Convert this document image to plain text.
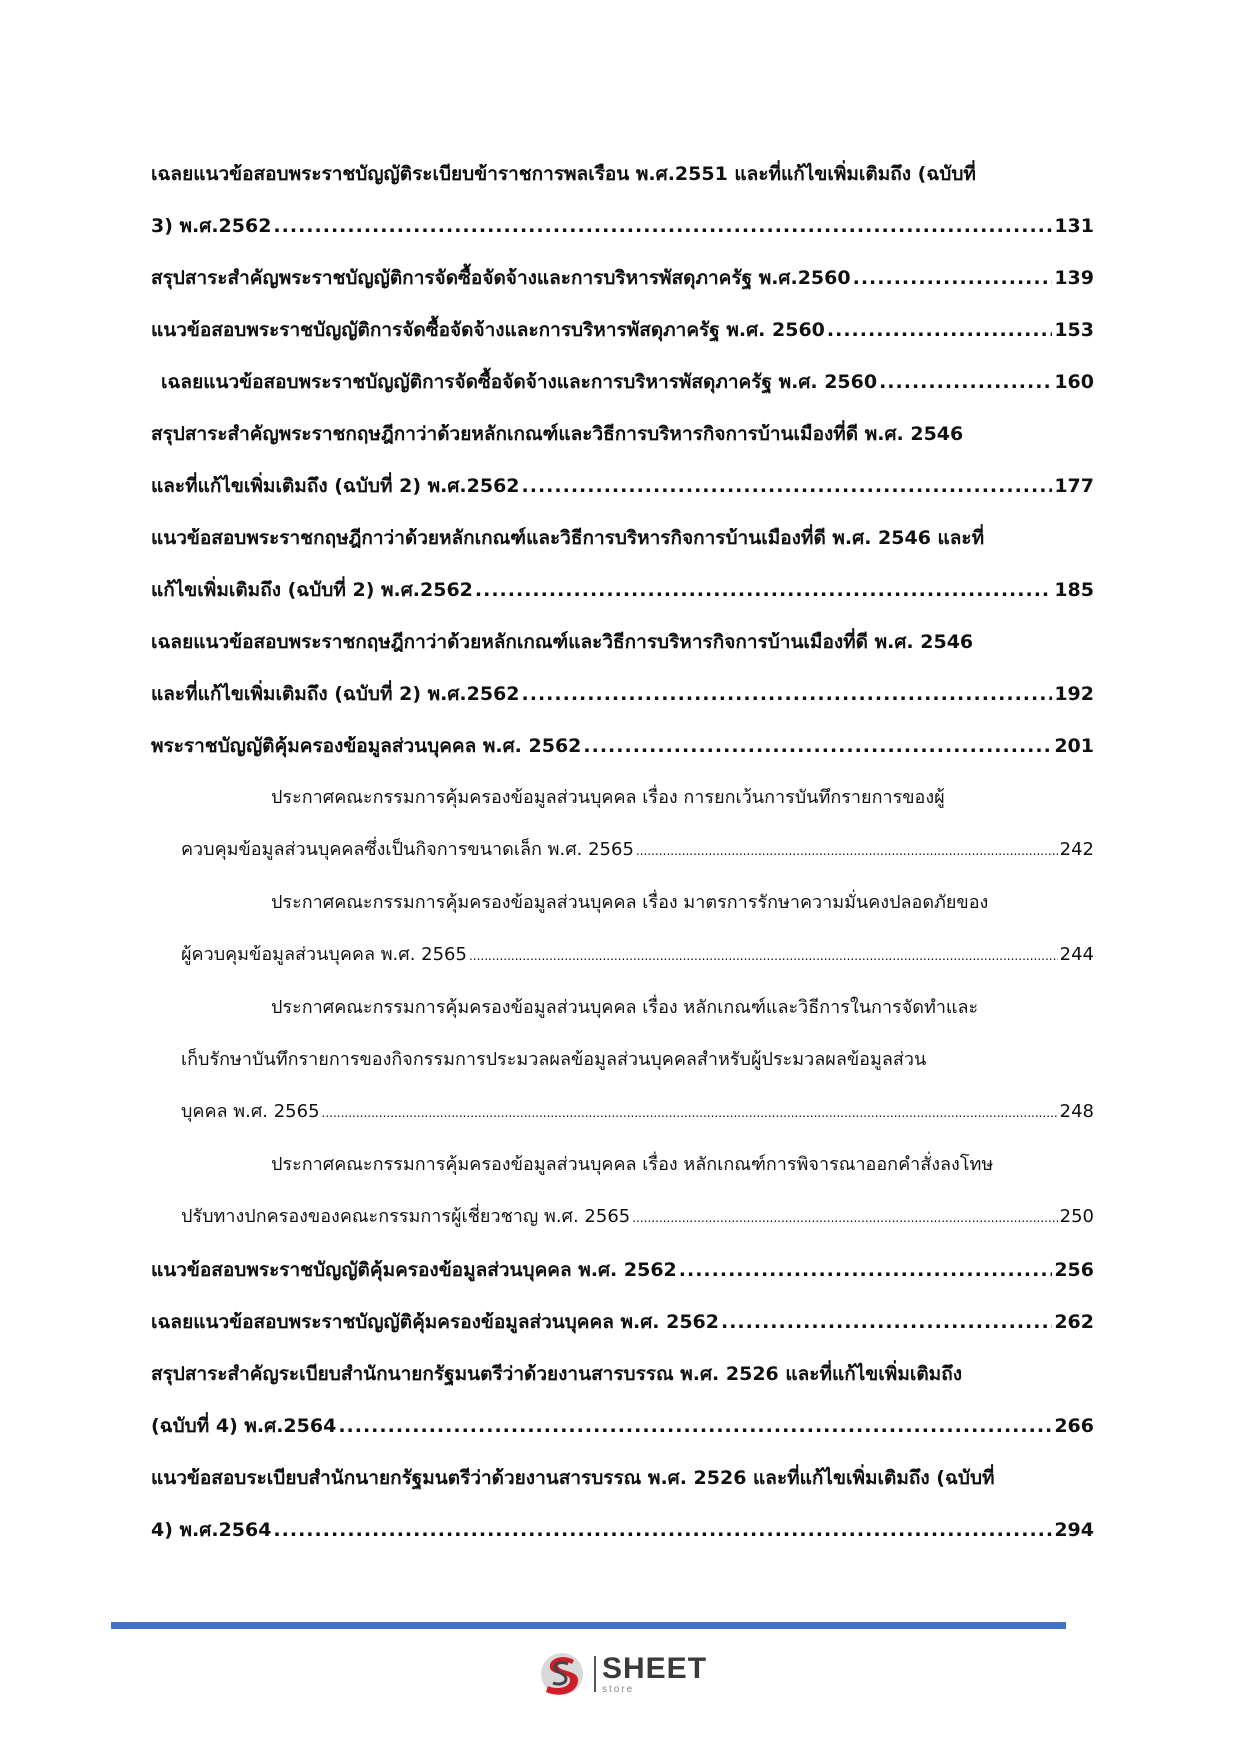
เฉลยแนวข้อสอบพระราชบัญญัติระเบียบข้าราชการพลเรือน พ.ศ.2551 และที่แก้ไขเพิ่มเติมถึง (ฉบับที่
3) พ.ศ.2562 .....	131
สรุปสาระสำคัญพระราชบัญญัติการจัดซื้อจัดจ้างและการบริหารพัสดุภาครัฐ พ.ศ.2560 .....	139
แนวข้อสอบพระราชบัญญัติการจัดซื้อจัดจ้างและการบริหารพัสดุภาครัฐ พ.ศ. 2560 .....	153
เฉลยแนวข้อสอบพระราชบัญญัติการจัดซื้อจัดจ้างและการบริหารพัสดุภาครัฐ พ.ศ. 2560 .....	160
สรุปสาระสำคัญพระราชกฤษฎีกาว่าด้วยหลักเกณฑ์และวิธีการบริหารกิจการบ้านเมืองที่ดี พ.ศ. 2546
และที่แก้ไขเพิ่มเติมถึง (ฉบับที่ 2) พ.ศ.2562 .....	177
แนวข้อสอบพระราชกฤษฎีกาว่าด้วยหลักเกณฑ์และวิธีการบริหารกิจการบ้านเมืองที่ดี พ.ศ. 2546 และที่
แก้ไขเพิ่มเติมถึง (ฉบับที่ 2) พ.ศ.2562 .....	185
เฉลยแนวข้อสอบพระราชกฤษฎีกาว่าด้วยหลักเกณฑ์และวิธีการบริหารกิจการบ้านเมืองที่ดี พ.ศ. 2546
และที่แก้ไขเพิ่มเติมถึง (ฉบับที่ 2) พ.ศ.2562 .....	192
พระราชบัญญัติคุ้มครองข้อมูลส่วนบุคคล พ.ศ. 2562 .....	201
ประกาศคณะกรรมการคุ้มครองข้อมูลส่วนบุคคล เรื่อง การยกเว้นการบันทึกรายการของผู้
ควบคุมข้อมูลส่วนบุคคลซึ่งเป็นกิจการขนาดเล็ก พ.ศ. 2565 .....	242
ประกาศคณะกรรมการคุ้มครองข้อมูลส่วนบุคคล เรื่อง มาตรการรักษาความมั่นคงปลอดภัยของ
ผู้ควบคุมข้อมูลส่วนบุคคล พ.ศ. 2565 .....	244
ประกาศคณะกรรมการคุ้มครองข้อมูลส่วนบุคคล เรื่อง หลักเกณฑ์และวิธีการในการจัดทำและ
เก็บรักษาบันทึกรายการของกิจกรรมการประมวลผลข้อมูลส่วนบุคคลสำหรับผู้ประมวลผลข้อมูลส่วน
บุคคล พ.ศ. 2565 .....	248
ประกาศคณะกรรมการคุ้มครองข้อมูลส่วนบุคคล เรื่อง หลักเกณฑ์การพิจารณาออกคำสั่งลงโทษ
ปรับทางปกครองของคณะกรรมการผู้เชี่ยวชาญ พ.ศ. 2565 .....	250
แนวข้อสอบพระราชบัญญัติคุ้มครองข้อมูลส่วนบุคคล พ.ศ. 2562 .....	256
เฉลยแนวข้อสอบพระราชบัญญัติคุ้มครองข้อมูลส่วนบุคคล พ.ศ. 2562 .....	262
สรุปสาระสำคัญระเบียบสำนักนายกรัฐมนตรีว่าด้วยงานสารบรรณ พ.ศ. 2526 และที่แก้ไขเพิ่มเติมถึง
(ฉบับที่ 4) พ.ศ.2564 .....	266
แนวข้อสอบระเบียบสำนักนายกรัฐมนตรีว่าด้วยงานสารบรรณ พ.ศ. 2526 และที่แก้ไขเพิ่มเติมถึง (ฉบับที่
4) พ.ศ.2564 .....	294
SHEET
store
